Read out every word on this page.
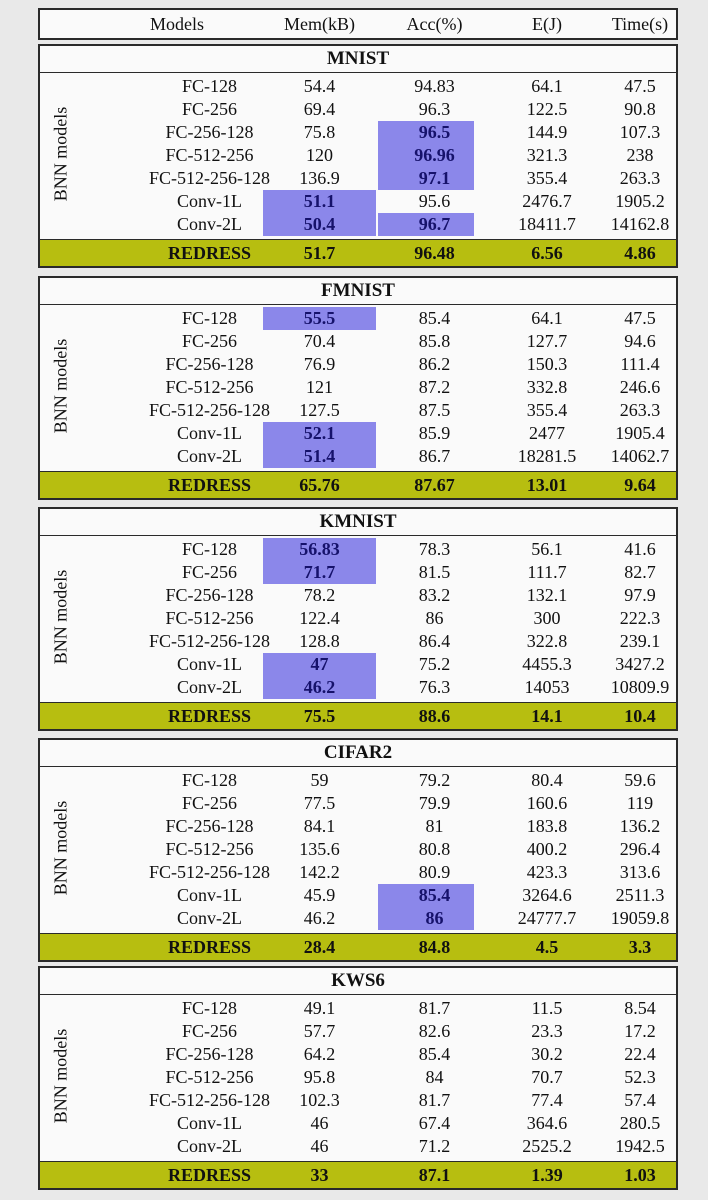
Models	Mem(kB)	Acc(%)	E(J)	Time(s)
MNIST
BNN models
FC-128	54.4	94.83	64.1	47.5
FC-256	69.4	96.3	122.5	90.8
FC-256-128	75.8	96.5	144.9	107.3
FC-512-256	120	96.96	321.3	238
FC-512-256-128	136.9	97.1	355.4	263.3
Conv-1L	51.1	95.6	2476.7	1905.2
Conv-2L	50.4	96.7	18411.7	14162.8
REDRESS	51.7	96.48	6.56	4.86
FMNIST
BNN models
FC-128	55.5	85.4	64.1	47.5
FC-256	70.4	85.8	127.7	94.6
FC-256-128	76.9	86.2	150.3	111.4
FC-512-256	121	87.2	332.8	246.6
FC-512-256-128	127.5	87.5	355.4	263.3
Conv-1L	52.1	85.9	2477	1905.4
Conv-2L	51.4	86.7	18281.5	14062.7
REDRESS	65.76	87.67	13.01	9.64
KMNIST
BNN models
FC-128	56.83	78.3	56.1	41.6
FC-256	71.7	81.5	111.7	82.7
FC-256-128	78.2	83.2	132.1	97.9
FC-512-256	122.4	86	300	222.3
FC-512-256-128	128.8	86.4	322.8	239.1
Conv-1L	47	75.2	4455.3	3427.2
Conv-2L	46.2	76.3	14053	10809.9
REDRESS	75.5	88.6	14.1	10.4
CIFAR2
BNN models
FC-128	59	79.2	80.4	59.6
FC-256	77.5	79.9	160.6	119
FC-256-128	84.1	81	183.8	136.2
FC-512-256	135.6	80.8	400.2	296.4
FC-512-256-128	142.2	80.9	423.3	313.6
Conv-1L	45.9	85.4	3264.6	2511.3
Conv-2L	46.2	86	24777.7	19059.8
REDRESS	28.4	84.8	4.5	3.3
KWS6
BNN models
FC-128	49.1	81.7	11.5	8.54
FC-256	57.7	82.6	23.3	17.2
FC-256-128	64.2	85.4	30.2	22.4
FC-512-256	95.8	84	70.7	52.3
FC-512-256-128	102.3	81.7	77.4	57.4
Conv-1L	46	67.4	364.6	280.5
Conv-2L	46	71.2	2525.2	1942.5
REDRESS	33	87.1	1.39	1.03
